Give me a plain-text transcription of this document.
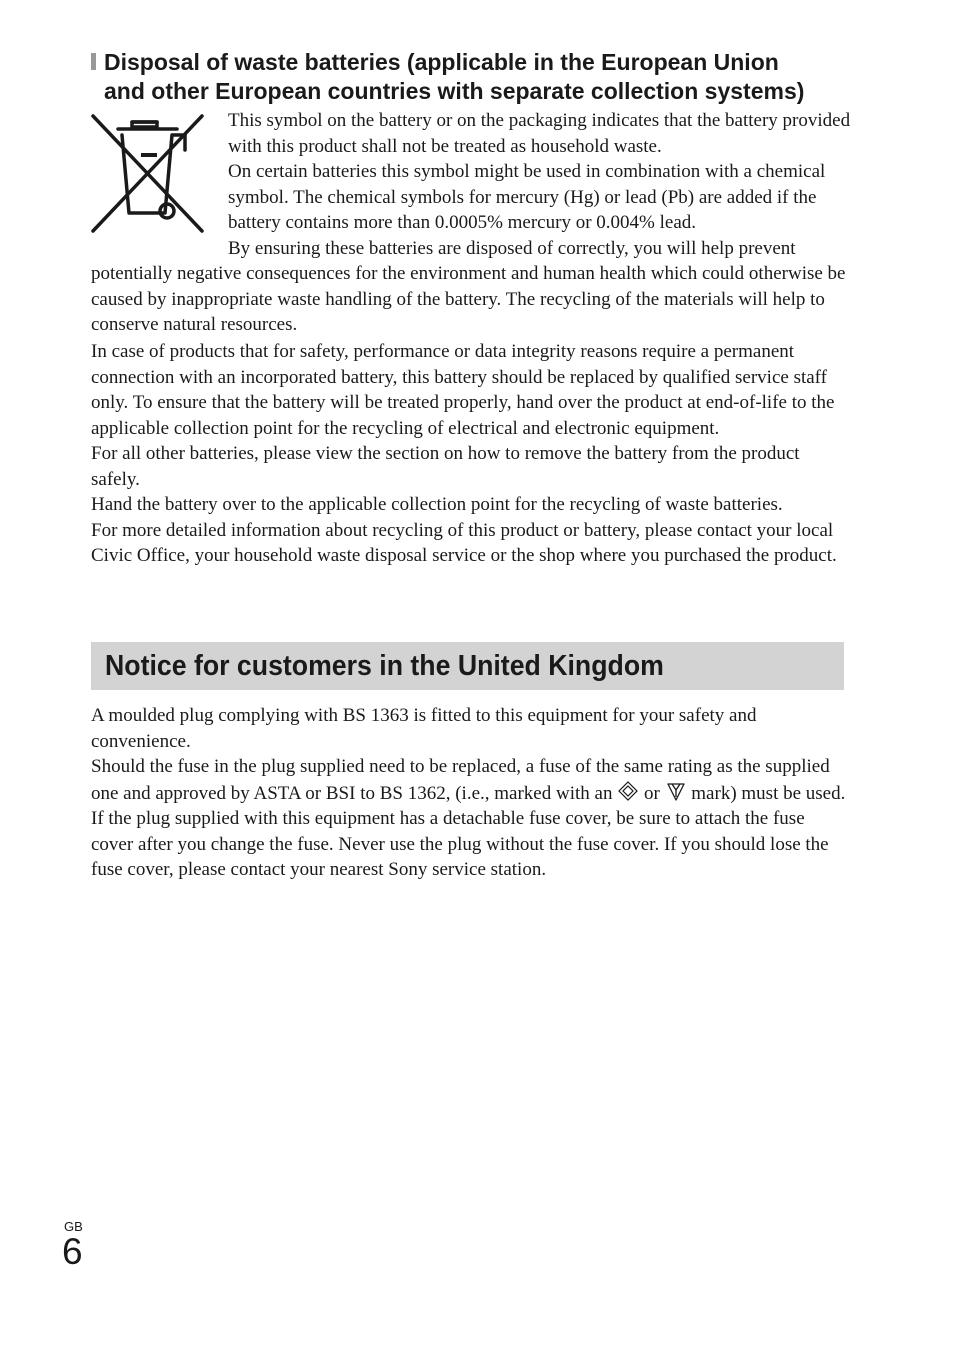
Disposal of waste batteries (applicable in the European Union
and other European countries with separate collection systems)

This symbol on the battery or on the packaging indicates that the battery provided with this product shall not be treated as household waste.

On certain batteries this symbol might be used in combination with a chemical symbol. The chemical symbols for mercury (Hg) or lead (Pb) are added if the battery contains more than 0.0005% mercury or 0.004% lead.

By ensuring these batteries are disposed of correctly, you will help prevent potentially negative consequences for the environment and human health which could otherwise be caused by inappropriate waste handling of the battery. The recycling of the materials will help to conserve natural resources.

In case of products that for safety, performance or data integrity reasons require a permanent connection with an incorporated battery, this battery should be replaced by qualified service staff only. To ensure that the battery will be treated properly, hand over the product at end-of-life to the applicable collection point for the recycling of electrical and electronic equipment.

For all other batteries, please view the section on how to remove the battery from the product safely.

Hand the battery over to the applicable collection point for the recycling of waste batteries.

For more detailed information about recycling of this product or battery, please contact your local Civic Office, your household waste disposal service or the shop where you purchased the product.

Notice for customers in the United Kingdom

A moulded plug complying with BS 1363 is fitted to this equipment for your safety and convenience.

Should the fuse in the plug supplied need to be replaced, a fuse of the same rating as the supplied one and approved by ASTA or BSI to BS 1362, (i.e., marked with an  or  mark) must be used.

If the plug supplied with this equipment has a detachable fuse cover, be sure to attach the fuse cover after you change the fuse. Never use the plug without the fuse cover. If you should lose the fuse cover, please contact your nearest Sony service station.

GB
6
